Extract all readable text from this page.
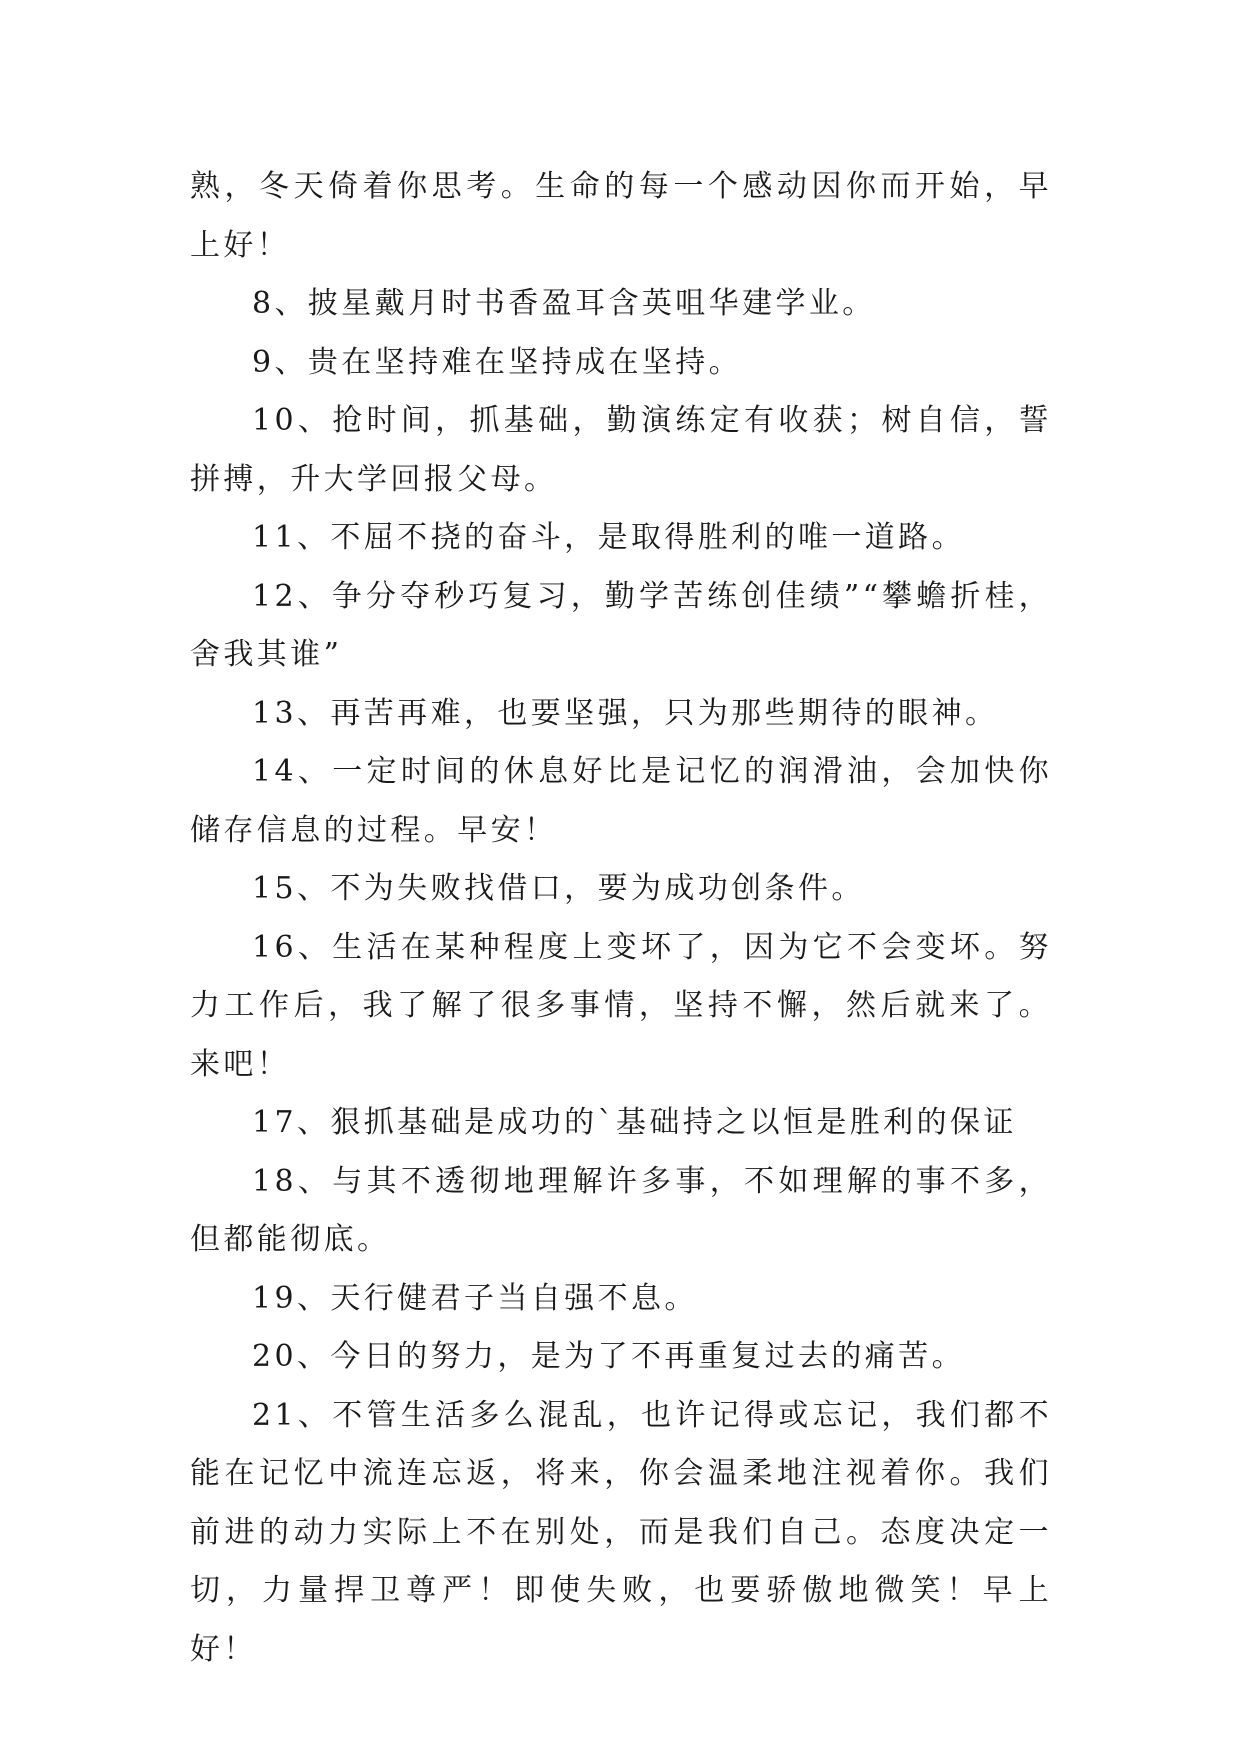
熟，冬天倚着你思考。生命的每一个感动因你而开始，早上好！

8、披星戴月时书香盈耳含英咀华建学业。

9、贵在坚持难在坚持成在坚持。

10、抢时间，抓基础，勤演练定有收获；树自信，誓拼搏，升大学回报父母。

11、不屈不挠的奋斗，是取得胜利的唯一道路。

12、争分夺秒巧复习，勤学苦练创佳绩”“攀蟾折桂，舍我其谁”

13、再苦再难，也要坚强，只为那些期待的眼神。

14、一定时间的休息好比是记忆的润滑油，会加快你储存信息的过程。早安！

15、不为失败找借口，要为成功创条件。

16、生活在某种程度上变坏了，因为它不会变坏。努力工作后，我了解了很多事情，坚持不懈，然后就来了。来吧！

17、狠抓基础是成功的`基础持之以恒是胜利的保证

18、与其不透彻地理解许多事，不如理解的事不多，但都能彻底。

19、天行健君子当自强不息。

20、今日的努力，是为了不再重复过去的痛苦。

21、不管生活多么混乱，也许记得或忘记，我们都不能在记忆中流连忘返，将来，你会温柔地注视着你。我们前进的动力实际上不在别处，而是我们自己。态度决定一切，力量捍卫尊严！即使失败，也要骄傲地微笑！早上好！
